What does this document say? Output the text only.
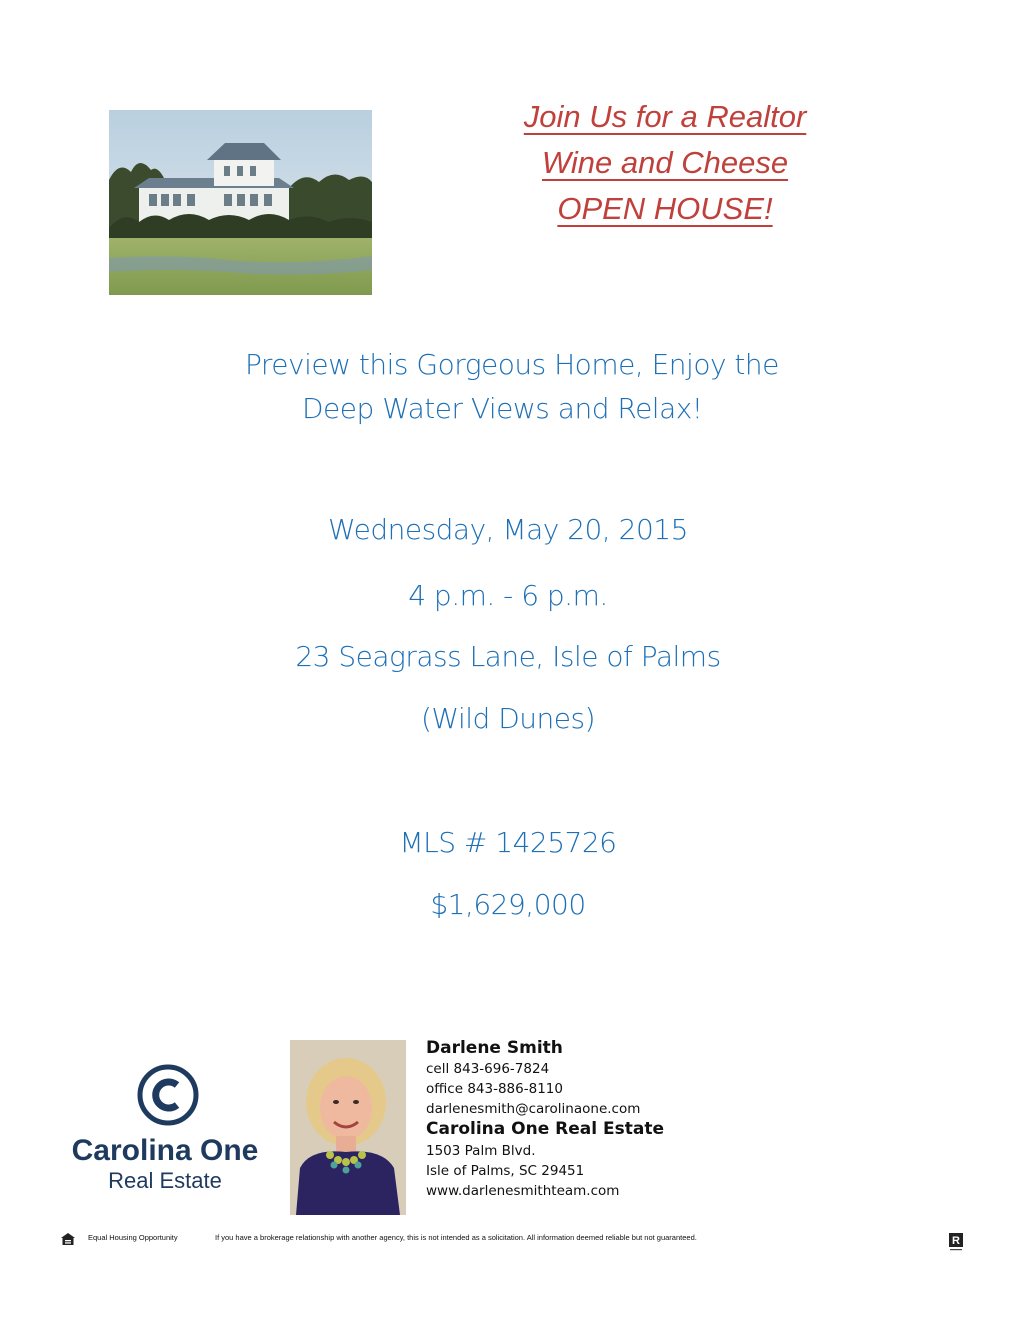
Join Us for a Realtor
Wine and Cheese
OPEN HOUSE!
Preview this Gorgeous Home, Enjoy the
Deep Water Views and Relax!
Wednesday, May 20, 2015
4 p.m. - 6 p.m.
23 Seagrass Lane, Isle of Palms
(Wild Dunes)
MLS # 1425726
$1,629,000
Carolina One
Real Estate
Darlene Smith
cell 843-696-7824
office 843-886-8110
darlenesmith@carolinaone.com
Carolina One Real Estate
1503 Palm Blvd.
Isle of Palms, SC 29451
www.darlenesmithteam.com
Equal Housing Opportunity	If you have a brokerage relationship with another agency, this is not intended as a solicitation. All information deemed reliable but not guaranteed.	R
